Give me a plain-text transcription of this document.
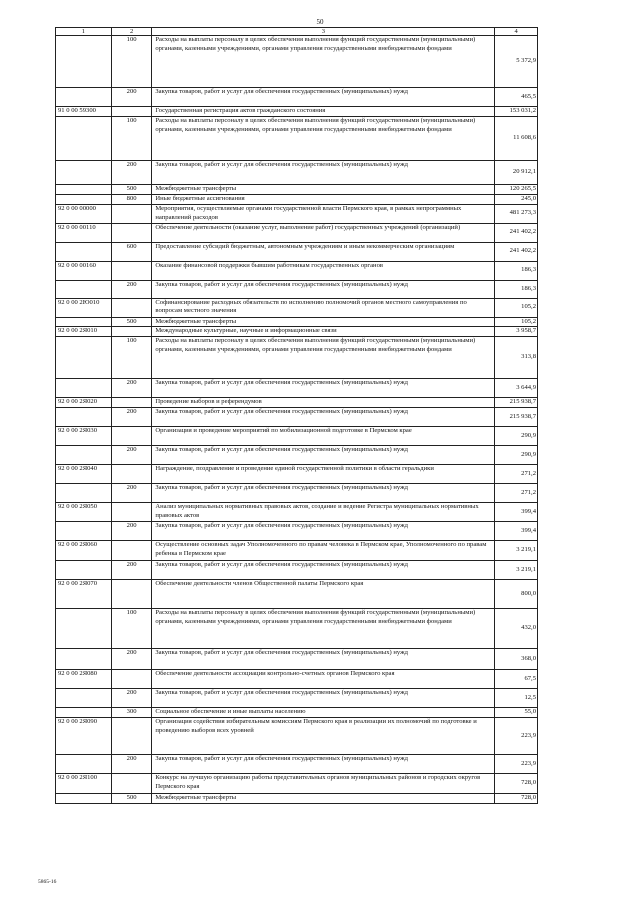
50
1	2	3	4
	100	Расходы на выплаты персоналу в целях обеспечения выполнения функций государственными (муниципальными) органами, казенными учреждениями, органами управления государственными внебюджетными фондами	5 372,9
	200	Закупка товаров, работ и услуг для обеспечения государственных (муниципальных) нужд	465,5
91 0 00 59300		Государственная регистрация актов гражданского состояния	153 031,2
	100	Расходы на выплаты персоналу в целях обеспечения выполнения функций государственными (муниципальными) органами, казенными учреждениями, органами управления государственными внебюджетными фондами	11 608,6
	200	Закупка товаров, работ и услуг для обеспечения государственных (муниципальных) нужд	20 912,1
	500	Межбюджетные трансферты	120 265,5
	800	Иные бюджетные ассигнования	245,0
92 0 00 00000		Мероприятия, осуществляемые органами государственной власти Пермского края, в рамках непрограммных направлений расходов	481 273,3
92 0 00 00110		Обеспечение деятельности (оказание услуг, выполнение работ) государственных учреждений (организаций)	241 402,2
	600	Предоставление субсидий бюджетным, автономным учреждениям и иным некоммерческим организациям	241 402,2
92 0 00 00160		Оказание финансовой поддержки бывшим работникам государственных органов	186,3
	200	Закупка товаров, работ и услуг для обеспечения государственных (муниципальных) нужд	186,3
92 0 00 2Ю010		Софинансирование расходных обязательств по исполнению полномочий органов местного самоуправления по вопросам местного значения	105,2
	500	Межбюджетные трансферты	105,2
92 0 00 2Я010		Международные культурные, научные и информационные связи	3 958,7
	100	Расходы на выплаты персоналу в целях обеспечения выполнения функций государственными (муниципальными) органами, казенными учреждениями, органами управления государственными внебюджетными фондами	313,8
	200	Закупка товаров, работ и услуг для обеспечения государственных (муниципальных) нужд	3 644,9
92 0 00 2Я020		Проведение выборов и референдумов	215 938,7
	200	Закупка товаров, работ и услуг для обеспечения государственных (муниципальных) нужд	215 938,7
92 0 00 2Я030		Организация и проведение мероприятий по мобилизационной подготовке в Пермском крае	290,9
	200	Закупка товаров, работ и услуг для обеспечения государственных (муниципальных) нужд	290,9
92 0 00 2Я040		Награждение, поздравление и проведение единой государственной политики в области геральдики	271,2
	200	Закупка товаров, работ и услуг для обеспечения государственных (муниципальных) нужд	271,2
92 0 00 2Я050		Анализ муниципальных нормативных правовых актов, создание и ведение Регистра муниципальных нормативных правовых актов	399,4
	200	Закупка товаров, работ и услуг для обеспечения государственных (муниципальных) нужд	399,4
92 0 00 2Я060		Осуществление основных задач Уполномоченного по правам человека в Пермском крае, Уполномоченного по правам ребенка в Пермском крае	3 219,1
	200	Закупка товаров, работ и услуг для обеспечения государственных (муниципальных) нужд	3 219,1
92 0 00 2Я070		Обеспечение деятельности членов Общественной палаты Пермского края	800,0
	100	Расходы на выплаты персоналу в целях обеспечения выполнения функций государственными (муниципальными) органами, казенными учреждениями, органами управления государственными внебюджетными фондами	432,0
	200	Закупка товаров, работ и услуг для обеспечения государственных (муниципальных) нужд	368,0
92 0 00 2Я080		Обеспечение деятельности ассоциации контрольно-счетных органов Пермского края	67,5
	200	Закупка товаров, работ и услуг для обеспечения государственных (муниципальных) нужд	12,5
	300	Социальное обеспечение и иные выплаты населению	55,0
92 0 00 2Я090		Организация содействия избирательным комиссиям Пермского края в реализации их полномочий по подготовке и проведению выборов всех уровней	223,9
	200	Закупка товаров, работ и услуг для обеспечения государственных (муниципальных) нужд	223,9
92 0 00 2Я100		Конкурс на лучшую организацию работы представительных органов муниципальных районов и городских округов Пермского края	728,0
	500	Межбюджетные трансферты	728,0
5865-16
